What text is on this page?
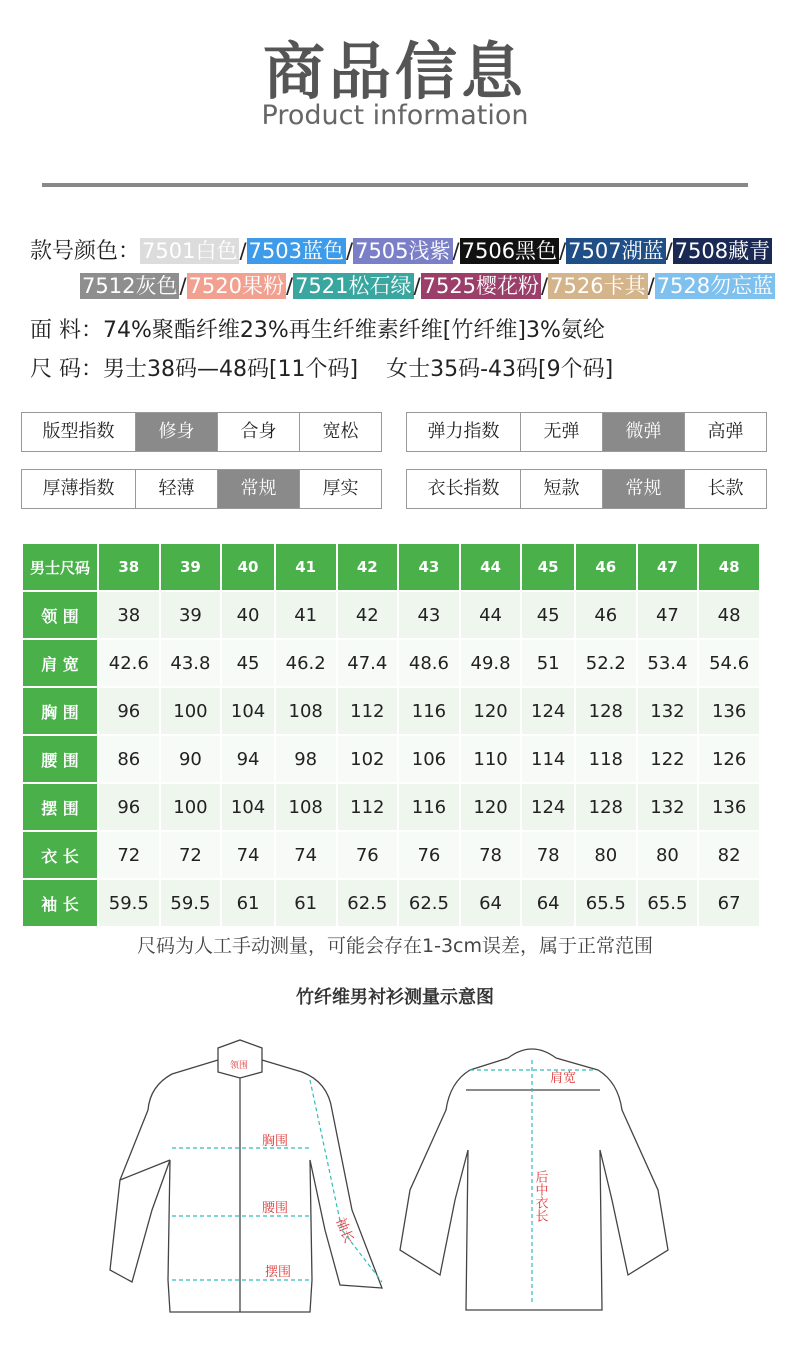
商品信息
Product information
款号颜色：7501白色/7503蓝色/7505浅紫/7506黑色/7507湖蓝/7508藏青
7512灰色/7520果粉/7521松石绿/7525樱花粉/7526卡其/7528勿忘蓝
面 料：74%聚酯纤维23%再生纤维素纤维[竹纤维]3%氨纶
尺 码：男士38码—48码[11个码]    女士35码-43码[9个码]
版型指数	修身	合身	宽松	弹力指数	无弹	微弹	高弹
厚薄指数	轻薄	常规	厚实	衣长指数	短款	常规	长款
男士尺码	38	39	40	41	42	43	44	45	46	47	48
领 围	38	39	40	41	42	43	44	45	46	47	48
肩 宽	42.6	43.8	45	46.2	47.4	48.6	49.8	51	52.2	53.4	54.6
胸 围	96	100	104	108	112	116	120	124	128	132	136
腰 围	86	90	94	98	102	106	110	114	118	122	126
摆 围	96	100	104	108	112	116	120	124	128	132	136
衣 长	72	72	74	74	76	76	78	78	80	80	82
袖 长	59.5	59.5	61	61	62.5	62.5	64	64	65.5	65.5	67
尺码为人工手动测量，可能会存在1-3cm误差，属于正常范围
竹纤维男衬衫测量示意图
领围
胸围
腰围
摆围
袖长
肩宽
后中衣长
